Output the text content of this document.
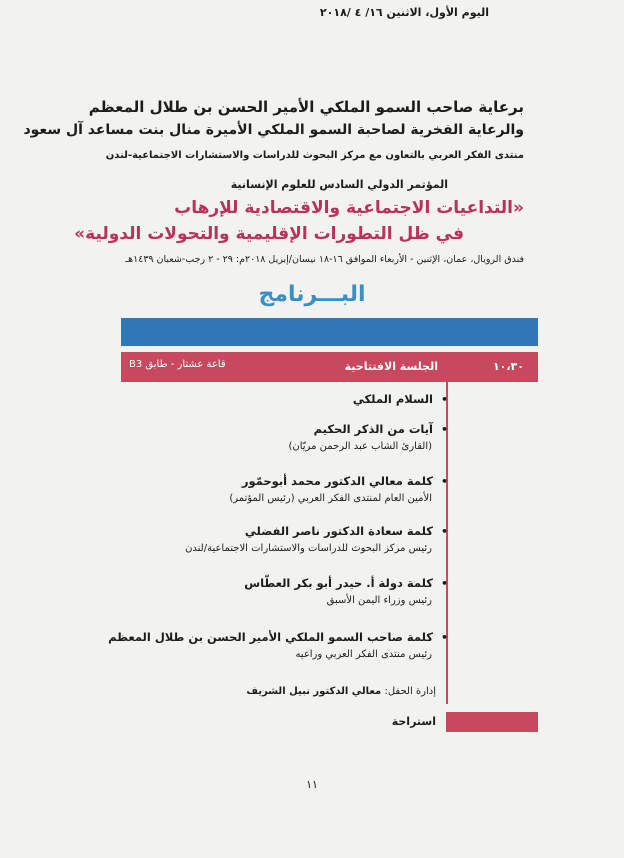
برعاية صاحب السمو الملكي الأمير الحسن بن طلال المعظم
والرعاية الفخرية لصاحبة السمو الملكي الأميرة منال بنت مساعد آل سعود
منتدى الفكر العربي بالتعاون مع مركز البحوث للدراسات والاستشارات الاجتماعية-لندن
المؤتمر الدولي السادس للعلوم الإنسانية
«التداعيات الاجتماعية والاقتصادية للإرهاب
في ظل التطورات الإقليمية والتحولات الدولية»
فندق الرويال، عمان، الإثنين - الأربعاء الموافق ١٦-١٨ نيسان/إبريل ٢٠١٨م: ٢٩ - ٢ رجب-شعبان ١٤٣٩هـ
البـــرنامج
اليوم الأول، الاثنين ١٦/ ٤ /٢٠١٨
١٠،٣٠
الجلسة الافتتاحية
قاعة عشتار - طابق B3
•السلام الملكي
•آيات من الذكر الحكيم
(القارئ الشاب عبد الرحمن مريّان)
•كلمة معالي الدكتور محمد أبوحمّور
الأمين العام لمنتدى الفكر العربي (رئيس المؤتمر)
•كلمة سعادة الدكتور ناصر الفضلي
رئيس مركز البحوث للدراسات والاستشارات الاجتماعية/لندن
•كلمة دولة أ. حيدر أبو بكر العطّاس
رئيس وزراء اليمن الأسبق
•كلمة صاحب السمو الملكي الأمير الحسن بن طلال المعظم
رئيس منتدى الفكر العربي وراعيه
إدارة الحفل: معالي الدكتور نبيل الشريف
استراحة
١١
